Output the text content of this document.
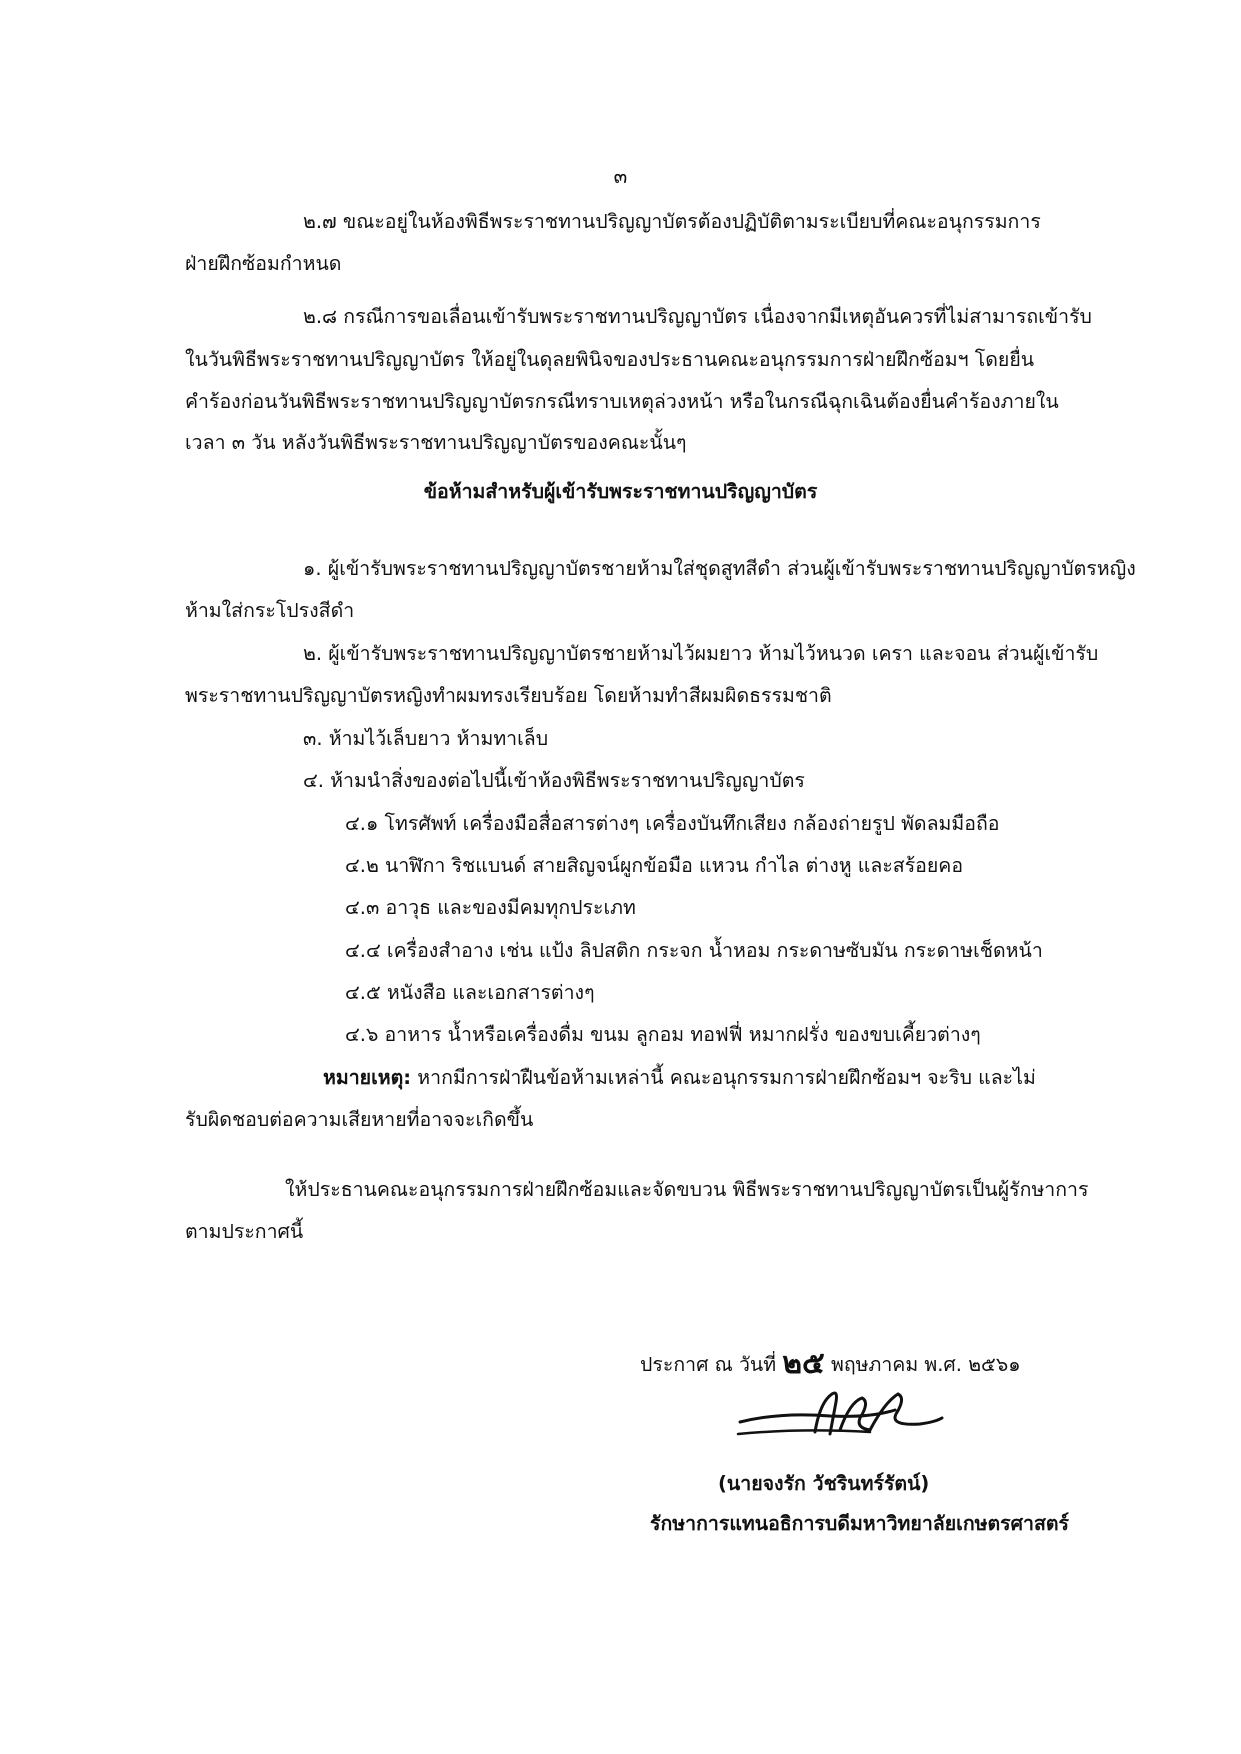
๓
๒.๗ ขณะอยู่ในห้องพิธีพระราชทานปริญญาบัตรต้องปฏิบัติตามระเบียบที่คณะอนุกรรมการ
ฝ่ายฝึกซ้อมกำหนด
๒.๘ กรณีการขอเลื่อนเข้ารับพระราชทานปริญญาบัตร เนื่องจากมีเหตุอันควรที่ไม่สามารถเข้ารับ
ในวันพิธีพระราชทานปริญญาบัตร ให้อยู่ในดุลยพินิจของประธานคณะอนุกรรมการฝ่ายฝึกซ้อมฯ โดยยื่น
คำร้องก่อนวันพิธีพระราชทานปริญญาบัตรกรณีทราบเหตุล่วงหน้า หรือในกรณีฉุกเฉินต้องยื่นคำร้องภายใน
เวลา ๓ วัน หลังวันพิธีพระราชทานปริญญาบัตรของคณะนั้นๆ
ข้อห้ามสำหรับผู้เข้ารับพระราชทานปริญญาบัตร
๑. ผู้เข้ารับพระราชทานปริญญาบัตรชายห้ามใส่ชุดสูทสีดำ ส่วนผู้เข้ารับพระราชทานปริญญาบัตรหญิง
ห้ามใส่กระโปรงสีดำ
๒. ผู้เข้ารับพระราชทานปริญญาบัตรชายห้ามไว้ผมยาว ห้ามไว้หนวด เครา และจอน ส่วนผู้เข้ารับ
พระราชทานปริญญาบัตรหญิงทำผมทรงเรียบร้อย โดยห้ามทำสีผมผิดธรรมชาติ
๓. ห้ามไว้เล็บยาว ห้ามทาเล็บ
๔. ห้ามนำสิ่งของต่อไปนี้เข้าห้องพิธีพระราชทานปริญญาบัตร
๔.๑ โทรศัพท์ เครื่องมือสื่อสารต่างๆ เครื่องบันทึกเสียง กล้องถ่ายรูป พัดลมมือถือ
๔.๒ นาฬิกา ริชแบนด์ สายสิญจน์ผูกข้อมือ แหวน กำไล ต่างหู และสร้อยคอ
๔.๓ อาวุธ และของมีคมทุกประเภท
๔.๔ เครื่องสำอาง เช่น แป้ง ลิปสติก กระจก น้ำหอม กระดาษซับมัน กระดาษเช็ดหน้า
๔.๕ หนังสือ และเอกสารต่างๆ
๔.๖ อาหาร น้ำหรือเครื่องดื่ม ขนม ลูกอม ทอฟฟี่ หมากฝรั่ง ของขบเคี้ยวต่างๆ
หมายเหตุ: หากมีการฝ่าฝืนข้อห้ามเหล่านี้ คณะอนุกรรมการฝ่ายฝึกซ้อมฯ จะริบ และไม่
รับผิดชอบต่อความเสียหายที่อาจจะเกิดขึ้น
ให้ประธานคณะอนุกรรมการฝ่ายฝึกซ้อมและจัดขบวน พิธีพระราชทานปริญญาบัตรเป็นผู้รักษาการ
ตามประกาศนี้
ประกาศ ณ วันที่ ๒๕ พฤษภาคม พ.ศ. ๒๕๖๑
(นายจงรัก วัชรินทร์รัตน์)
รักษาการแทนอธิการบดีมหาวิทยาลัยเกษตรศาสตร์
